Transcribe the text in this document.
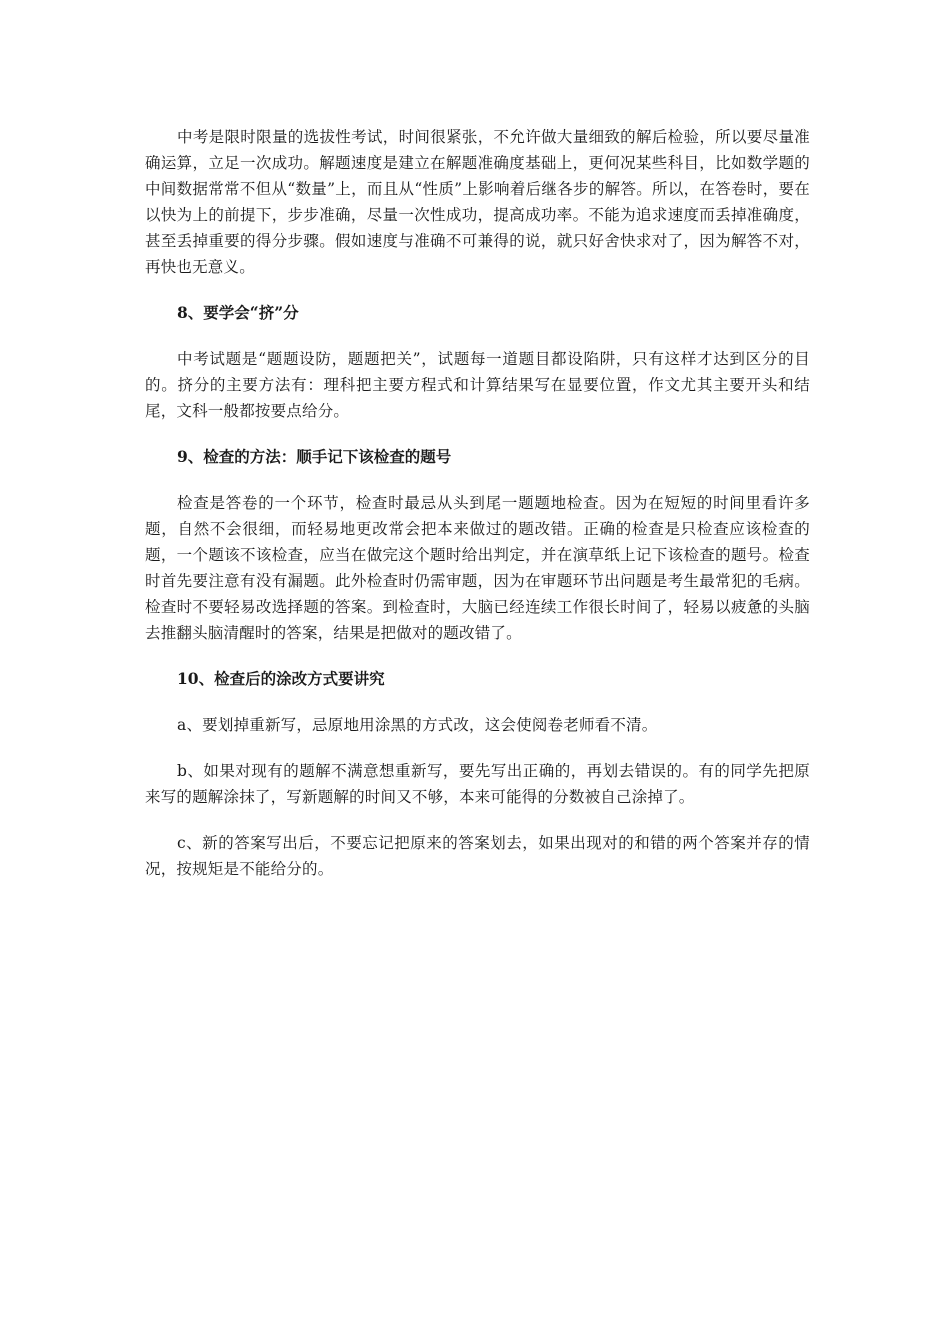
中考是限时限量的选拔性考试，时间很紧张，不允许做大量细致的解后检验，所以要尽量准确运算，立足一次成功。解题速度是建立在解题准确度基础上，更何况某些科目，比如数学题的中间数据常常不但从“数量”上，而且从“性质”上影响着后继各步的解答。所以，在答卷时，要在以快为上的前提下，步步准确，尽量一次性成功，提高成功率。不能为追求速度而丢掉准确度，甚至丢掉重要的得分步骤。假如速度与准确不可兼得的说，就只好舍快求对了，因为解答不对，再快也无意义。

8、要学会“挤”分

中考试题是“题题设防，题题把关”，试题每一道题目都设陷阱，只有这样才达到区分的目的。挤分的主要方法有：理科把主要方程式和计算结果写在显要位置，作文尤其主要开头和结尾，文科一般都按要点给分。

9、检查的方法：顺手记下该检查的题号

检查是答卷的一个环节，检查时最忌从头到尾一题题地检查。因为在短短的时间里看许多题，自然不会很细，而轻易地更改常会把本来做过的题改错。正确的检查是只检查应该检查的题，一个题该不该检查，应当在做完这个题时给出判定，并在演草纸上记下该检查的题号。检查时首先要注意有没有漏题。此外检查时仍需审题，因为在审题环节出问题是考生最常犯的毛病。检查时不要轻易改选择题的答案。到检查时，大脑已经连续工作很长时间了，轻易以疲惫的头脑去推翻头脑清醒时的答案，结果是把做对的题改错了。

10、检查后的涂改方式要讲究

a、要划掉重新写，忌原地用涂黑的方式改，这会使阅卷老师看不清。

b、如果对现有的题解不满意想重新写，要先写出正确的，再划去错误的。有的同学先把原来写的题解涂抹了，写新题解的时间又不够，本来可能得的分数被自己涂掉了。

c、新的答案写出后，不要忘记把原来的答案划去，如果出现对的和错的两个答案并存的情况，按规矩是不能给分的。
